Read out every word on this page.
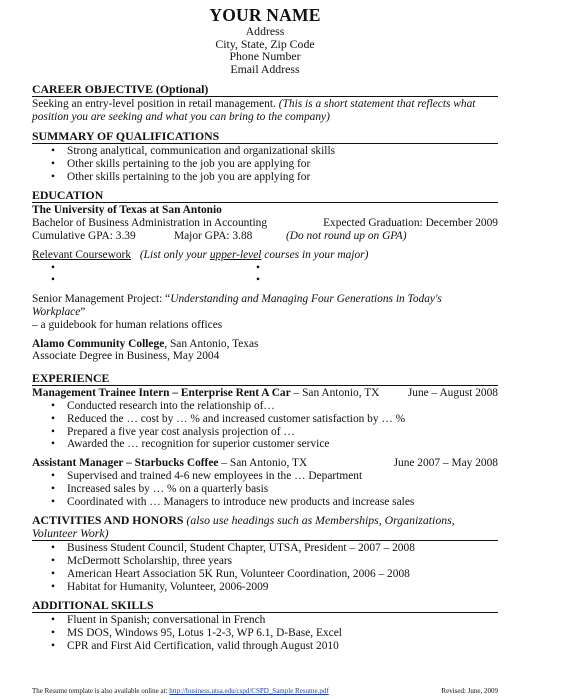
YOUR NAME
Address
City, State, Zip Code
Phone Number
Email Address
CAREER OBJECTIVE (Optional)
Seeking an entry-level position in retail management. (This is a short statement that reflects what position you are seeking and what you can bring to the company)
SUMMARY OF QUALIFICATIONS
•	Strong analytical, communication and organizational skills
•	Other skills pertaining to the job you are applying for
•	Other skills pertaining to the job you are applying for
EDUCATION
The University of Texas at San Antonio
Bachelor of Business Administration in Accounting	Expected Graduation: December 2009
Cumulative GPA: 3.39	Major GPA: 3.88	(Do not round up on GPA)
Relevant Coursework (List only your upper-level courses in your major)
•	•
•	•
Senior Management Project: “Understanding and Managing Four Generations in Today's Workplace”
– a guidebook for human relations offices
Alamo Community College, San Antonio, Texas
Associate Degree in Business, May 2004
EXPERIENCE
Management Trainee Intern – Enterprise Rent A Car – San Antonio, TX June – August 2008
•	Conducted research into the relationship of…
•	Reduced the … cost by … % and increased customer satisfaction by … %
•	Prepared a five year cost analysis projection of …
•	Awarded the … recognition for superior customer service
Assistant Manager – Starbucks Coffee – San Antonio, TX	June 2007 – May 2008
•	Supervised and trained 4-6 new employees in the … Department
•	Increased sales by … % on a quarterly basis
•	Coordinated with … Managers to introduce new products and increase sales
ACTIVITIES AND HONORS (also use headings such as Memberships, Organizations, Volunteer Work)
•	Business Student Council, Student Chapter, UTSA, President – 2007 – 2008
•	McDermott Scholarship, three years
•	American Heart Association 5K Run, Volunteer Coordination, 2006 – 2008
•	Habitat for Humanity, Volunteer, 2006-2009
ADDITIONAL SKILLS
•	Fluent in Spanish; conversational in French
•	MS DOS, Windows 95, Lotus 1-2-3, WP 6.1, D-Base, Excel
•	CPR and First Aid Certification, valid through August 2010
The Resume template is also available online at: http://business.utsa.edu/cspd/CSPD_Sample Resume.pdf	Revised: June, 2009
